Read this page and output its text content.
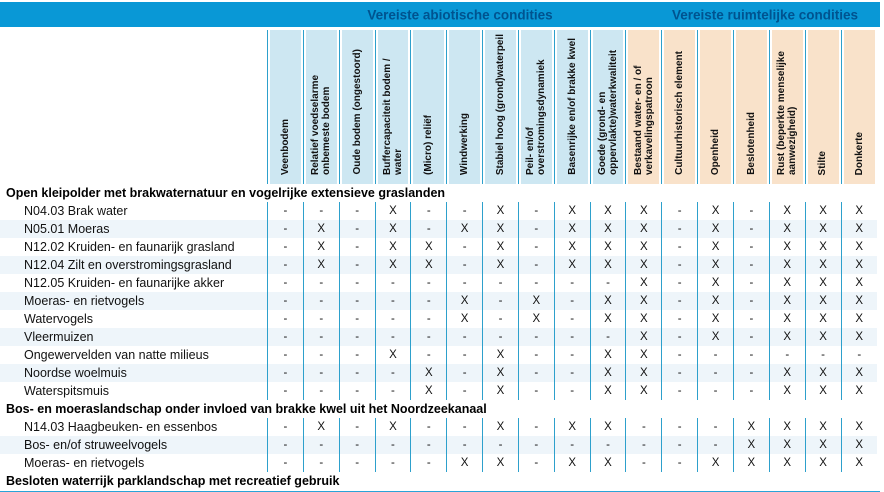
Vereiste abiotische condities	Vereiste ruimtelijke condities
	Veenbodem	Relatief voedselarme onbemeste bodem	Oude bodem (ongestoord)	Buffercapaciteit bodem / water	(Micro) reliëf	Windwerking	Stabiel hoog (grond)waterpeil	Peil- en/of overstromingsdynamiek	Basenrijke en/of brakke kwel	Goede (grond- en oppervlakte)waterkwaliteit	Bestaand water- en / of verkavelingspatroon	Cultuurhistorisch element	Openheid	Beslotenheid	Rust (beperkte menselijke aanwezigheid)	Stilte	Donkerte
Open kleipolder met brakwaternatuur en vogelrijke extensieve graslanden																	
N04.03 Brak water	-	-	-	X	-	-	X	-	X	X	X	-	X	-	X	X	X
N05.01 Moeras	-	X	-	X	-	X	X	-	X	X	X	-	X	-	X	X	X
N12.02 Kruiden- en faunarijk grasland	-	X	-	X	X	-	X	-	X	X	X	-	X	-	X	X	X
N12.04 Zilt en overstromingsgrasland	-	X	-	X	X	-	X	-	X	X	X	-	X	-	X	X	X
N12.05 Kruiden- en faunarijke akker	-	-	-	-	-	-	-	-	-	-	X	-	X	-	X	X	X
Moeras- en rietvogels	-	-	-	-	-	X	-	X	-	X	X	-	X	-	X	X	X
Watervogels	-	-	-	-	-	X	-	X	-	X	X	-	X	-	X	X	X
Vleermuizen	-	-	-	-	-	-	-	-	-	-	X	-	X	-	X	X	X
Ongewervelden van natte milieus	-	-	-	X	-	-	X	-	-	X	X	-	-	-	-	-	-
Noordse woelmuis	-	-	-	-	X	-	X	-	-	X	X	-	-	-	X	X	X
Waterspitsmuis	-	-	-	-	X	-	X	-	-	X	X	-	-	-	X	X	X
Bos- en moeraslandschap onder invloed van brakke kwel uit het Noordzeekanaal																	
N14.03 Haagbeuken- en essenbos	-	X	-	X	-	-	X	-	X	X	-	-	-	X	X	X	X
Bos- en/of struweelvogels	-	-	-	-	-	-	-	-	-	-	-	-	-	X	X	X	X
Moeras- en rietvogels	-	-	-	-	-	X	X	-	X	X	-	-	X	X	X	X	X
Besloten waterrijk parklandschap met recreatief gebruik																	
